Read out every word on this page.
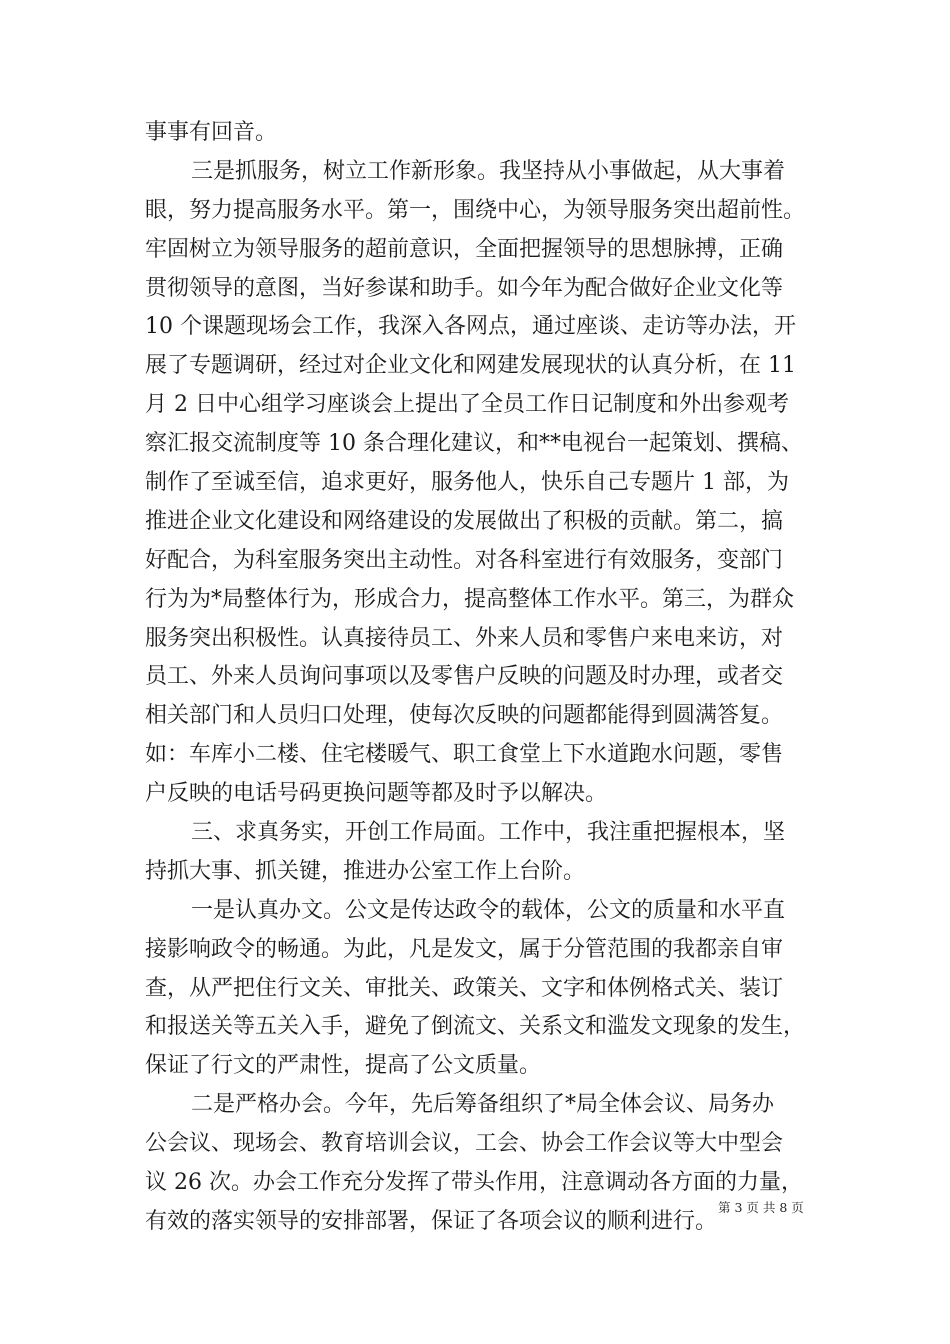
事事有回音。
三是抓服务，树立工作新形象。我坚持从小事做起，从大事着
眼，努力提高服务水平。第一，围绕中心，为领导服务突出超前性。
牢固树立为领导服务的超前意识，全面把握领导的思想脉搏，正确
贯彻领导的意图，当好参谋和助手。如今年为配合做好企业文化等
10 个课题现场会工作，我深入各网点，通过座谈、走访等办法，开
展了专题调研，经过对企业文化和网建发展现状的认真分析，在 11
月 2 日中心组学习座谈会上提出了全员工作日记制度和外出参观考
察汇报交流制度等 10 条合理化建议，和**电视台一起策划、撰稿、
制作了至诚至信，追求更好，服务他人，快乐自己专题片 1 部，为
推进企业文化建设和网络建设的发展做出了积极的贡献。第二，搞
好配合，为科室服务突出主动性。对各科室进行有效服务，变部门
行为为*局整体行为，形成合力，提高整体工作水平。第三，为群众
服务突出积极性。认真接待员工、外来人员和零售户来电来访，对
员工、外来人员询问事项以及零售户反映的问题及时办理，或者交
相关部门和人员归口处理，使每次反映的问题都能得到圆满答复。
如：车库小二楼、住宅楼暖气、职工食堂上下水道跑水问题，零售
户反映的电话号码更换问题等都及时予以解决。
三、求真务实，开创工作局面。工作中，我注重把握根本，坚
持抓大事、抓关键，推进办公室工作上台阶。
一是认真办文。公文是传达政令的载体，公文的质量和水平直
接影响政令的畅通。为此，凡是发文，属于分管范围的我都亲自审
查，从严把住行文关、审批关、政策关、文字和体例格式关、装订
和报送关等五关入手，避免了倒流文、关系文和滥发文现象的发生，
保证了行文的严肃性，提高了公文质量。
二是严格办会。今年，先后筹备组织了*局全体会议、局务办
公会议、现场会、教育培训会议，工会、协会工作会议等大中型会
议 26 次。办会工作充分发挥了带头作用，注意调动各方面的力量，
有效的落实领导的安排部署，保证了各项会议的顺利进行。
第 3 页 共 8 页
